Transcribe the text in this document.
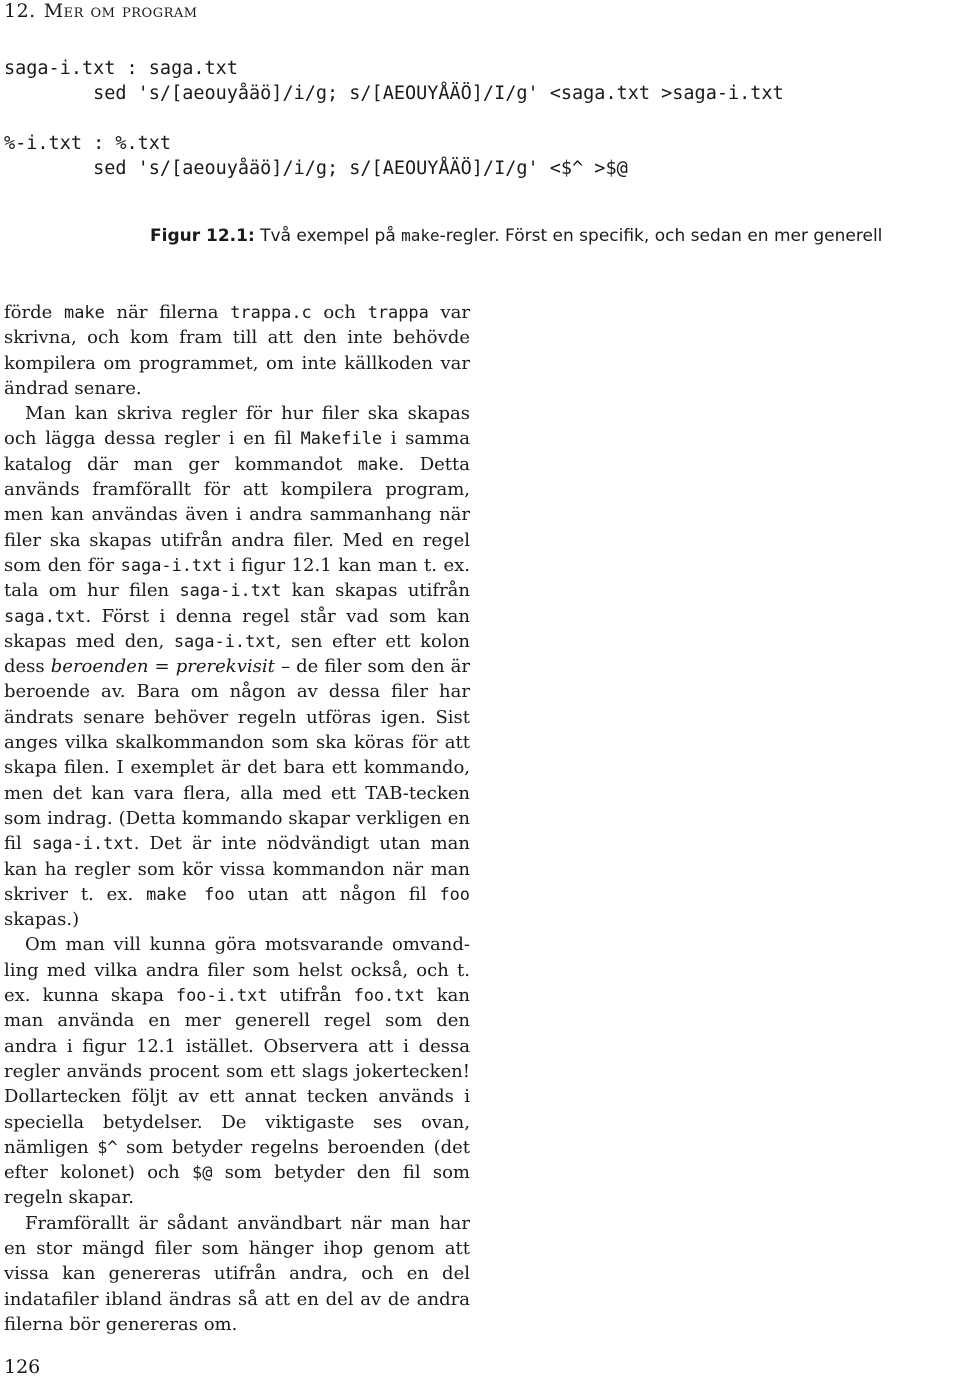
12. Mer om program
saga-i.txt : saga.txt
sed 's/[aeouyåäö]/i/g; s/[AEOUYÅÄÖ]/I/g' <saga.txt >saga-i.txt

%-i.txt : %.txt
sed 's/[aeouyåäö]/i/g; s/[AEOUYÅÄÖ]/I/g' <$^ >$@
Figur 12.1: Två exempel på make-regler. Först en specifik, och sedan en mer generell

förde make när filerna trappa.c och trappa var skrivna, och kom fram till att den inte behövde kompilera om programmet, om inte källkoden var ändrad senare.

Man kan skriva regler för hur filer ska skapas och lägga dessa regler i en fil Makefile i samma katalog där man ger kommandot make. Detta används framförallt för att kompilera program, men kan användas även i andra sammanhang när filer ska skapas utifrån andra filer. Med en regel som den för saga-i.txt i figur 12.1 kan man t. ex. tala om hur filen saga-i.txt kan skapas utifrån saga.txt. Först i denna regel står vad som kan skapas med den, saga-i.txt, sen efter ett kolon dess beroenden = prerekvisit – de filer som den är beroende av. Bara om någon av dessa filer har ändrats senare behöver regeln utföras igen. Sist anges vilka skalkommandon som ska köras för att skapa filen. I exemplet är det bara ett kommando, men det kan vara flera, alla med ett TAB-tecken som indrag. (Detta kommando skapar verkligen en fil saga-i.txt. Det är inte nödvändigt utan man kan ha regler som kör vissa kommandon när man skriver t. ex. make foo utan att någon fil foo skapas.)

Om man vill kunna göra motsvarande omvandling med vilka andra filer som helst också, och t. ex. kunna skapa foo-i.txt utifrån foo.txt kan man använda en mer generell regel som den andra i figur 12.1 istället. Observera att i dessa regler används procent som ett slags jokertecken! Dollartecken följt av ett annat tecken används i speciella betydelser. De viktigaste ses ovan, nämligen $^ som betyder regelns beroenden (det efter kolonet) och $@ som betyder den fil som regeln skapar.

Framförallt är sådant användbart när man har en stor mängd filer som hänger ihop genom att vissa kan genereras utifrån andra, och en del indatafiler ibland ändras så att en del av de andra filerna bör genereras om.

126
